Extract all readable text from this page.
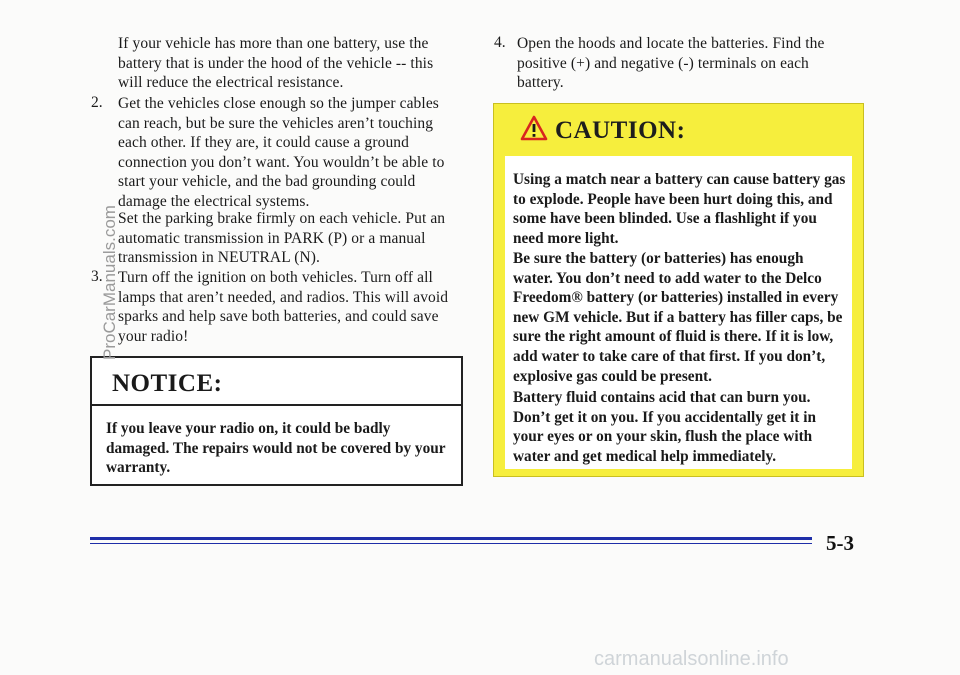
If your vehicle has more than one battery, use the battery that is under the hood of the vehicle -- this will reduce the electrical resistance.
2. Get the vehicles close enough so the jumper cables can reach, but be sure the vehicles aren’t touching each other. If they are, it could cause a ground connection you don’t want. You wouldn’t be able to start your vehicle, and the bad grounding could damage the electrical systems.
Set the parking brake firmly on each vehicle. Put an automatic transmission in PARK (P) or a manual transmission in NEUTRAL (N).
3. Turn off the ignition on both vehicles. Turn off all lamps that aren’t needed, and radios. This will avoid sparks and help save both batteries, and could save your radio!
NOTICE:
If you leave your radio on, it could be badly damaged. The repairs would not be covered by your warranty.
4. Open the hoods and locate the batteries. Find the positive (+) and negative (-) terminals on each battery.
CAUTION:

Using a match near a battery can cause battery gas to explode. People have been hurt doing this, and some have been blinded. Use a flashlight if you need more light.

Be sure the battery (or batteries) has enough water. You don’t need to add water to the Delco Freedom® battery (or batteries) installed in every new GM vehicle. But if a battery has filler caps, be sure the right amount of fluid is there. If it is low, add water to take care of that first. If you don’t, explosive gas could be present.

Battery fluid contains acid that can burn you. Don’t get it on you. If you accidentally get it in your eyes or on your skin, flush the place with water and get medical help immediately.

ProCarManuals.com
5-3
carmanualsonline.info
